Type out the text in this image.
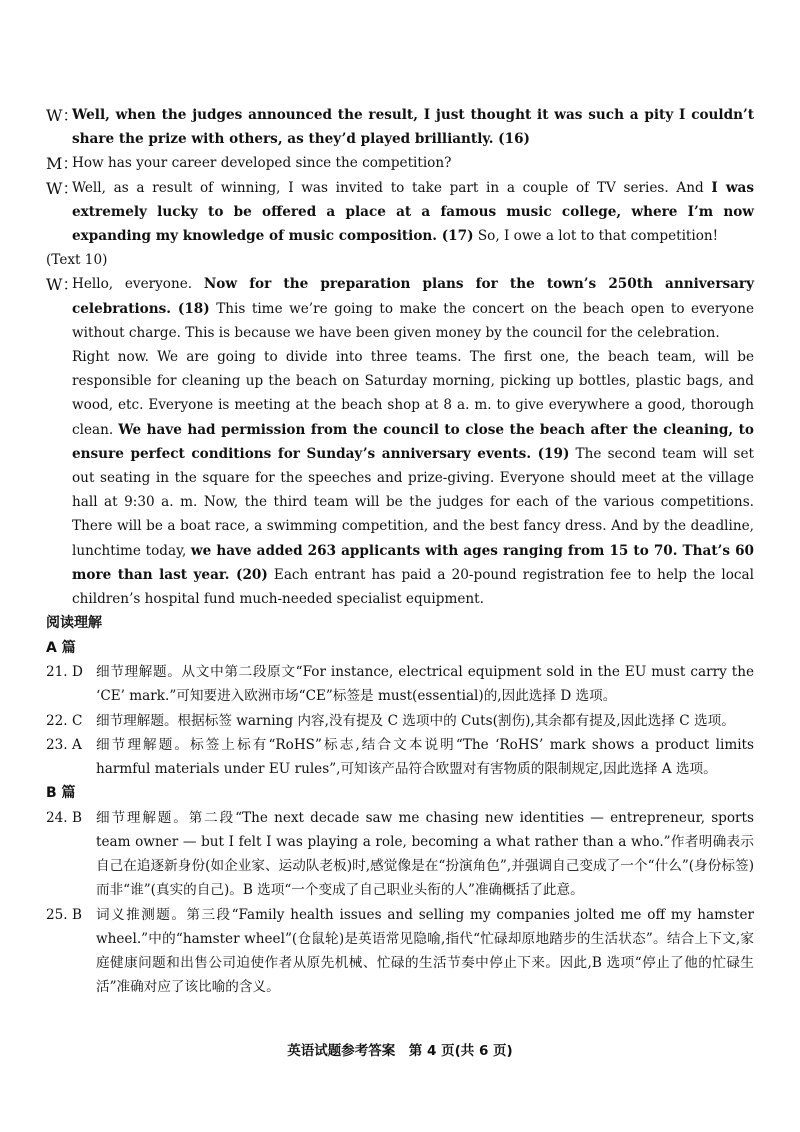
W：

Well, when the judges announced the result, I just thought it was such a pity I couldn’t share the prize with others, as they’d played brilliantly. (16)

M：

How has your career developed since the competition?

W：

Well, as a result of winning, I was invited to take part in a couple of TV series. And I was extremely lucky to be offered a place at a famous music college, where I’m now expanding my knowledge of music composition. (17) So, I owe a lot to that competition!

(Text 10)

W：

Hello, everyone. Now for the preparation plans for the town’s 250th anniversary celebrations. (18) This time we’re going to make the concert on the beach open to everyone without charge. This is because we have been given money by the council for the celebration.

Right now. We are going to divide into three teams. The first one, the beach team, will be responsible for cleaning up the beach on Saturday morning, picking up bottles, plastic bags, and wood, etc. Everyone is meeting at the beach shop at 8 a. m. to give everywhere a good, thorough clean. We have had permission from the council to close the beach after the cleaning, to ensure perfect conditions for Sunday’s anniversary events. (19) The second team will set out seating in the square for the speeches and prize-giving. Everyone should meet at the village hall at 9:30 a. m. Now, the third team will be the judges for each of the various competitions. There will be a boat race, a swimming competition, and the best fancy dress. And by the deadline, lunchtime today, we have added 263 applicants with ages ranging from 15 to 70. That’s 60 more than last year. (20) Each entrant has paid a 20-pound registration fee to help the local children’s hospital fund much-needed specialist equipment.

阅读理解

A 篇

21. D 细节理解题。从文中第二段原文“For instance, electrical equipment sold in the EU must carry the ‘CE’ mark.”可知要进入欧洲市场“CE”标签是 must(essential)的,因此选择 D 选项。

22. C	细节理解题。根据标签 warning 内容,没有提及 C 选项中的 Cuts(割伤),其余都有提及,因此选择 C 选项。

23. A	细节理解题。标签上标有“RoHS”标志,结合文本说明“The ‘RoHS’ mark shows a product limits harmful materials under EU rules”,可知该产品符合欧盟对有害物质的限制规定,因此选择 A 选项。

B 篇

24. B	细节理解题。第二段“The next decade saw me chasing new identities — entrepreneur, sports team owner — but I felt I was playing a role, becoming a what rather than a who.”作者明确表示自己在追逐新身份(如企业家、运动队老板)时,感觉像是在“扮演角色”,并强调自己变成了一个“什么”(身份标签)而非“谁”(真实的自己)。B 选项“一个变成了自己职业头衔的人”准确概括了此意。

25. B	词义推测题。第三段“Family health issues and selling my companies jolted me off my hamster wheel.”中的“hamster wheel”(仓鼠轮)是英语常见隐喻,指代“忙碌却原地踏步的生活状态”。结合上下文,家庭健康问题和出售公司迫使作者从原先机械、忙碌的生活节奏中停止下来。因此,B 选项“停止了他的忙碌生活”准确对应了该比喻的含义。

英语试题参考答案　第 4 页(共 6 页)
